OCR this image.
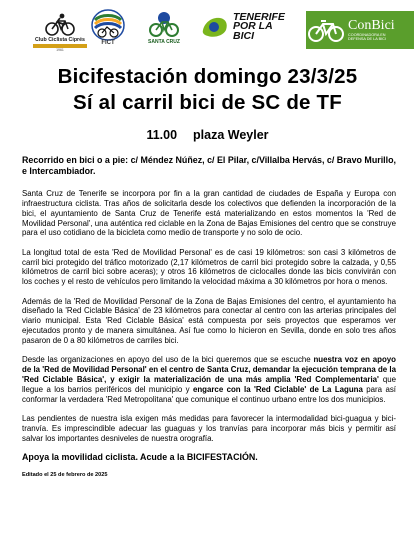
Club Ciclista Ciprés
1961
FICT	SANTA CRUZ
TENERIFE
POR LA
BICI
ConBici
COORDINADORA EN
DEFENSA DE LA BICI
Bicifestación domingo 23/3/25
Sí al carril bici de SC de TF
11.00 plaza Weyler

Recorrido en bici o a pie: c/ Méndez Núñez, c/ El Pilar, c/Villalba Hervás, c/ Bravo Murillo, e Intercambiador.

Santa Cruz de Tenerife se incorpora por fin a la gran cantidad de ciudades de España y Europa con infraestructura ciclista. Tras años de solicitarla desde los colectivos que defienden la incorporación de la bici, el ayuntamiento de Santa Cruz de Tenerife está materializando en estos momentos la 'Red de Movilidad Personal', una auténtica red ciclable en la Zona de Bajas Emisiones del centro que se construye para el uso cotidiano de la bicicleta como medio de transporte y no solo de ocio.

La longitud total de esta 'Red de Movilidad Personal' es de casi 19 kilómetros: son casi 3 kilómetros de carril bici protegido del tráfico motorizado (2,17 kilómetros de carril bici protegido sobre la calzada, y 0,55 kilómetros de carril bici sobre aceras); y otros 16 kilómetros de ciclocalles donde las bicis convivirán con los coches y el resto de vehículos pero limitando la velocidad máxima a 30 kilómetros por hora o menos.

Además de la 'Red de Movilidad Personal' de la Zona de Bajas Emisiones del centro, el ayuntamiento ha diseñado la 'Red Ciclable Básica' de 23 kilómetros para conectar al centro con las arterias principales del viario municipal. Esta 'Red Ciclable Básica' está compuesta por seis proyectos que esperamos ver ejecutados pronto y de manera simultánea. Así fue como lo hicieron en Sevilla, donde en solo tres años pasaron de 0 a 80 kilómetros de carriles bici.

Desde las organizaciones en apoyo del uso de la bici queremos que se escuche nuestra voz en apoyo de la 'Red de Movilidad Personal' en el centro de Santa Cruz, demandar la ejecución temprana de la 'Red Ciclable Básica', y exigir la materialización de una más amplia 'Red Complementaria' que llegue a los barrios periféricos del municipio y engarce con la 'Red Ciclable' de La Laguna para así conformar la verdadera 'Red Metropolitana' que comunique el continuo urbano entre los dos municipios.

Las pendientes de nuestra isla exigen más medidas para favorecer la intermodalidad bici-guagua y bici-tranvía. Es imprescindible adecuar las guaguas y los tranvías para incorporar más bicis y permitir así salvar los importantes desniveles de nuestra orografía.

Apoya la movilidad ciclista. Acude a la BICIFESTACIÓN.

Editado el 25 de febrero de 2025
